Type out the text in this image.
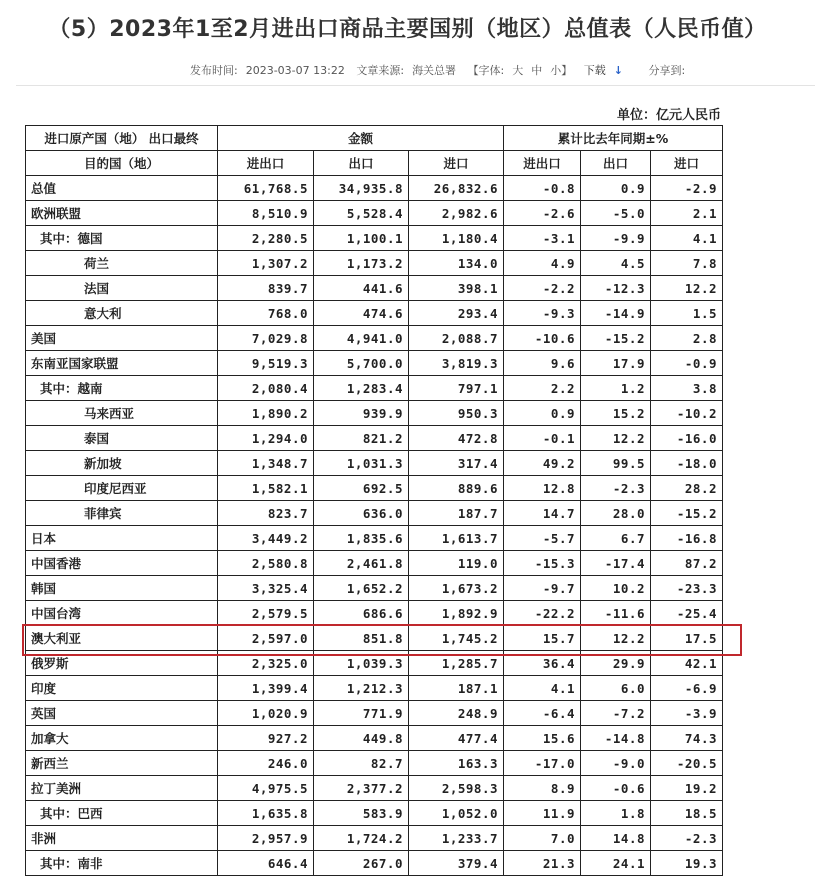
（5）2023年1至2月进出口商品主要国别（地区）总值表（人民币值）
发布时间: 2023-03-07 13:22 文章来源: 海关总署 【字体: 大 中 小】 下载 ↓ 分享到:
单位：亿元人民币
进口原产国（地） 出口最终	金额			累计比去年同期±%		
目的国（地）	进出口	出口	进口	进出口	出口	进口
总值	61,768.5	34,935.8	26,832.6	-0.8	0.9	-2.9
欧洲联盟	8,510.9	5,528.4	2,982.6	-2.6	-5.0	2.1
其中：德国	2,280.5	1,100.1	1,180.4	-3.1	-9.9	4.1
荷兰	1,307.2	1,173.2	134.0	4.9	4.5	7.8
法国	839.7	441.6	398.1	-2.2	-12.3	12.2
意大利	768.0	474.6	293.4	-9.3	-14.9	1.5
美国	7,029.8	4,941.0	2,088.7	-10.6	-15.2	2.8
东南亚国家联盟	9,519.3	5,700.0	3,819.3	9.6	17.9	-0.9
其中：越南	2,080.4	1,283.4	797.1	2.2	1.2	3.8
马来西亚	1,890.2	939.9	950.3	0.9	15.2	-10.2
泰国	1,294.0	821.2	472.8	-0.1	12.2	-16.0
新加坡	1,348.7	1,031.3	317.4	49.2	99.5	-18.0
印度尼西亚	1,582.1	692.5	889.6	12.8	-2.3	28.2
菲律宾	823.7	636.0	187.7	14.7	28.0	-15.2
日本	3,449.2	1,835.6	1,613.7	-5.7	6.7	-16.8
中国香港	2,580.8	2,461.8	119.0	-15.3	-17.4	87.2
韩国	3,325.4	1,652.2	1,673.2	-9.7	10.2	-23.3
中国台湾	2,579.5	686.6	1,892.9	-22.2	-11.6	-25.4
澳大利亚	2,597.0	851.8	1,745.2	15.7	12.2	17.5
俄罗斯	2,325.0	1,039.3	1,285.7	36.4	29.9	42.1
印度	1,399.4	1,212.3	187.1	4.1	6.0	-6.9
英国	1,020.9	771.9	248.9	-6.4	-7.2	-3.9
加拿大	927.2	449.8	477.4	15.6	-14.8	74.3
新西兰	246.0	82.7	163.3	-17.0	-9.0	-20.5
拉丁美洲	4,975.5	2,377.2	2,598.3	8.9	-0.6	19.2
其中：巴西	1,635.8	583.9	1,052.0	11.9	1.8	18.5
非洲	2,957.9	1,724.2	1,233.7	7.0	14.8	-2.3
其中：南非	646.4	267.0	379.4	21.3	24.1	19.3
